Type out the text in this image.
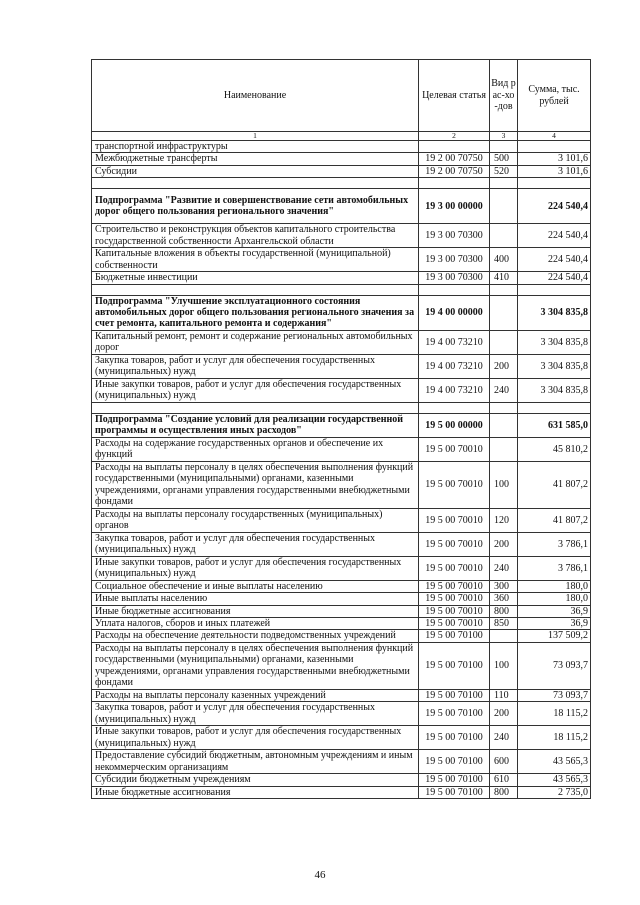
Наименование	Целевая статья	Вид рас-хо-дов	Сумма, тыс. рублей
1	2	3	4
транспортной инфраструктуры			
Межбюджетные трансферты	19 2 00 70750	500	3 101,6
Субсидии	19 2 00 70750	520	3 101,6

Подпрограмма "Развитие и совершенствование сети автомобильных дорог общего пользования регионального значения"	19 3 00 00000		224 540,4
Строительство и реконструкция объектов капитального строительства государственной собственности Архангельской области	19 3 00 70300		224 540,4
Капитальные вложения в объекты государственной (муниципальной) собственности	19 3 00 70300	400	224 540,4
Бюджетные инвестиции	19 3 00 70300	410	224 540,4

Подпрограмма "Улучшение эксплуатационного состояния автомобильных дорог общего пользования регионального значения за счет ремонта, капитального ремонта и содержания"	19 4 00 00000		3 304 835,8
Капитальный ремонт, ремонт и содержание региональных автомобильных дорог	19 4 00 73210		3 304 835,8
Закупка товаров, работ и услуг для обеспечения государственных (муниципальных) нужд	19 4 00 73210	200	3 304 835,8
Иные закупки товаров, работ и услуг для обеспечения государственных (муниципальных) нужд	19 4 00 73210	240	3 304 835,8

Подпрограмма "Создание условий для реализации государственной программы и осуществления иных расходов"	19 5 00 00000		631 585,0
Расходы на содержание государственных органов и обеспечение их функций	19 5 00 70010		45 810,2
Расходы на выплаты персоналу в целях обеспечения выполнения функций государственными (муниципальными) органами, казенными учреждениями, органами управления государственными внебюджетными фондами	19 5 00 70010	100	41 807,2
Расходы на выплаты персоналу государственных (муниципальных) органов	19 5 00 70010	120	41 807,2
Закупка товаров, работ и услуг для обеспечения государственных (муниципальных) нужд	19 5 00 70010	200	3 786,1
Иные закупки товаров, работ и услуг для обеспечения государственных (муниципальных) нужд	19 5 00 70010	240	3 786,1
Социальное обеспечение и иные выплаты населению	19 5 00 70010	300	180,0
Иные выплаты населению	19 5 00 70010	360	180,0
Иные бюджетные ассигнования	19 5 00 70010	800	36,9
Уплата налогов, сборов и иных платежей	19 5 00 70010	850	36,9
Расходы на обеспечение деятельности подведомственных учреждений	19 5 00 70100		137 509,2
Расходы на выплаты персоналу в целях обеспечения выполнения функций государственными (муниципальными) органами, казенными учреждениями, органами управления государственными внебюджетными фондами	19 5 00 70100	100	73 093,7
Расходы на выплаты персоналу казенных учреждений	19 5 00 70100	110	73 093,7
Закупка товаров, работ и услуг для обеспечения государственных (муниципальных) нужд	19 5 00 70100	200	18 115,2
Иные закупки товаров, работ и услуг для обеспечения государственных (муниципальных) нужд	19 5 00 70100	240	18 115,2
Предоставление субсидий бюджетным, автономным учреждениям и иным некоммерческим организациям	19 5 00 70100	600	43 565,3
Субсидии бюджетным учреждениям	19 5 00 70100	610	43 565,3
Иные бюджетные ассигнования	19 5 00 70100	800	2 735,0
46
